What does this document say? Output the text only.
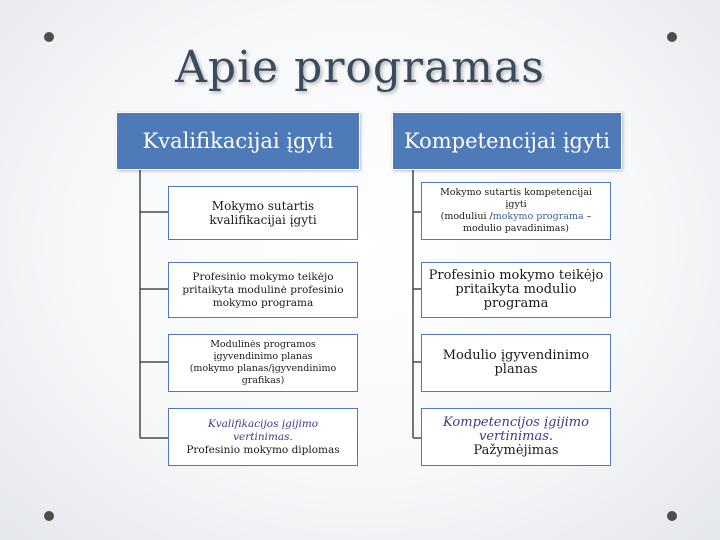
Apie programas
Kvalifikacijai įgyti	Kompetencijai įgyti
Mokymo sutartis
kvalifikacijai įgyti
Profesinio mokymo teikėjo
pritaikyta modulinė profesinio
mokymo programa
Modulinės programos
įgyvendinimo planas
(mokymo planas/įgyvendinimo
grafikas)
Kvalifikacijos įgijimo
vertinimas.
Profesinio mokymo diplomas
Mokymo sutartis kompetencijai
įgyti
(moduliui /mokymo programa –
modulio pavadinimas)
Profesinio mokymo teikėjo
pritaikyta modulio
programa
Modulio įgyvendinimo
planas
Kompetencijos įgijimo
vertinimas.
Pažymėjimas
